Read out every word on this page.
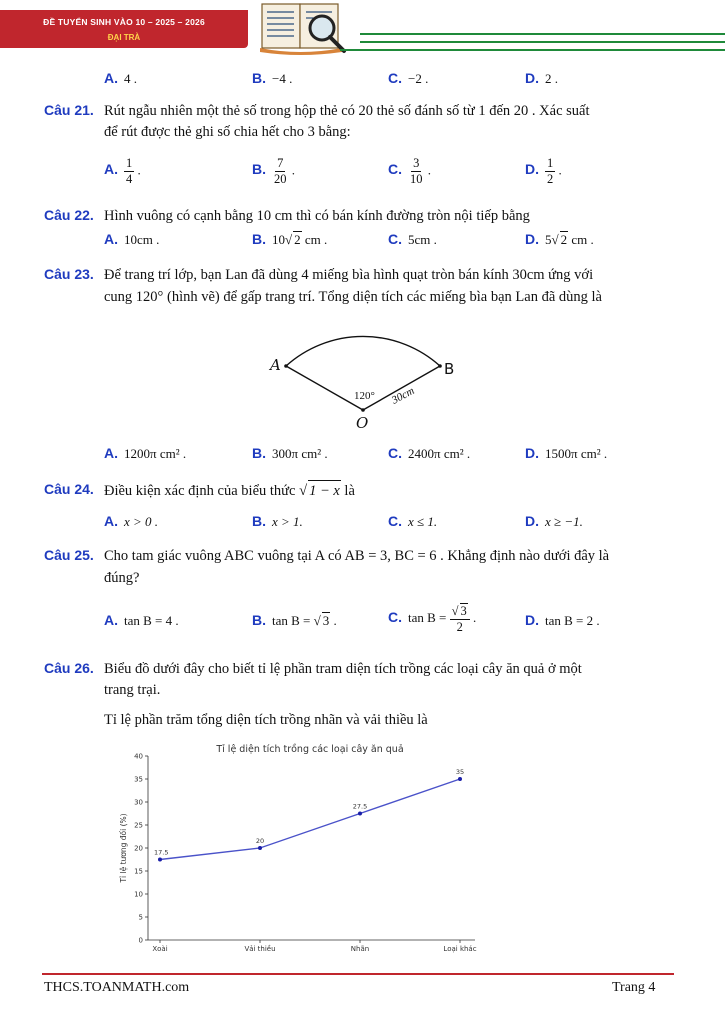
ĐỀ TUYỂN SINH VÀO 10 – 2025 – 2026
ĐẠI TRÀ
A. 4 .	B. −4 .	C. −2 .	D. 2 .
Câu 21. Rút ngẫu nhiên một thẻ số trong hộp thẻ có 20 thẻ số đánh số từ 1 đến 20 . Xác suất
để rút được thẻ ghi số chia hết cho 3 bằng:
A. $\frac{1}{4}$ .	B. $\frac{7}{20}$ .	C. $\frac{3}{10}$ .	D. $\frac{1}{2}$ .
Câu 22. Hình vuông có cạnh bằng 10 cm thì có bán kính đường tròn nội tiếp bằng
A. 10cm .	B. 10√ 2 cm .	C. 5cm .	D. 5√ 2 cm .
Câu 23. Để trang trí lớp, bạn Lan đã dùng 4 miếng bìa hình quạt tròn bán kính 30cm ứng với
cung 120° (hình vẽ) để gấp trang trí. Tổng diện tích các miếng bìa bạn Lan đã dùng là
A	B
O
120° 30cm
A. 1200π cm² .	B. 300π cm² .	C. 2400π cm² .	D. 1500π cm² .
Câu 24. Điều kiện xác định của biểu thức √ 1 − x là
A. x > 0 .	B. x > 1.	C. x ≤ 1.	D. x ≥ −1.
Câu 25. Cho tam giác vuông ABC vuông tại A có AB = 3, BC = 6 . Khẳng định nào dưới đây là
đúng?
A. tan B = 4 .	B. tan B = √ 3 .	C. $\tan B = \frac{√ 3}{2}$ .	D. tan B = 2 .
Câu 26. Biểu đồ dưới đây cho biết tỉ lệ phần tram diện tích trồng các loại cây ăn quả ở một
trang trại.
Tỉ lệ phần trăm tổng diện tích trồng nhãn và vải thiều là
Tỉ lệ diện tích trồng các loại cây ăn quả
Tỉ lệ tương đối (%)
0
5
10
15
20
25
30
35
40
Xoài	Vải thiều	Nhãn	Loại khác
17.5
20
27.5
35
THCS.TOANMATH.com	Trang 4
